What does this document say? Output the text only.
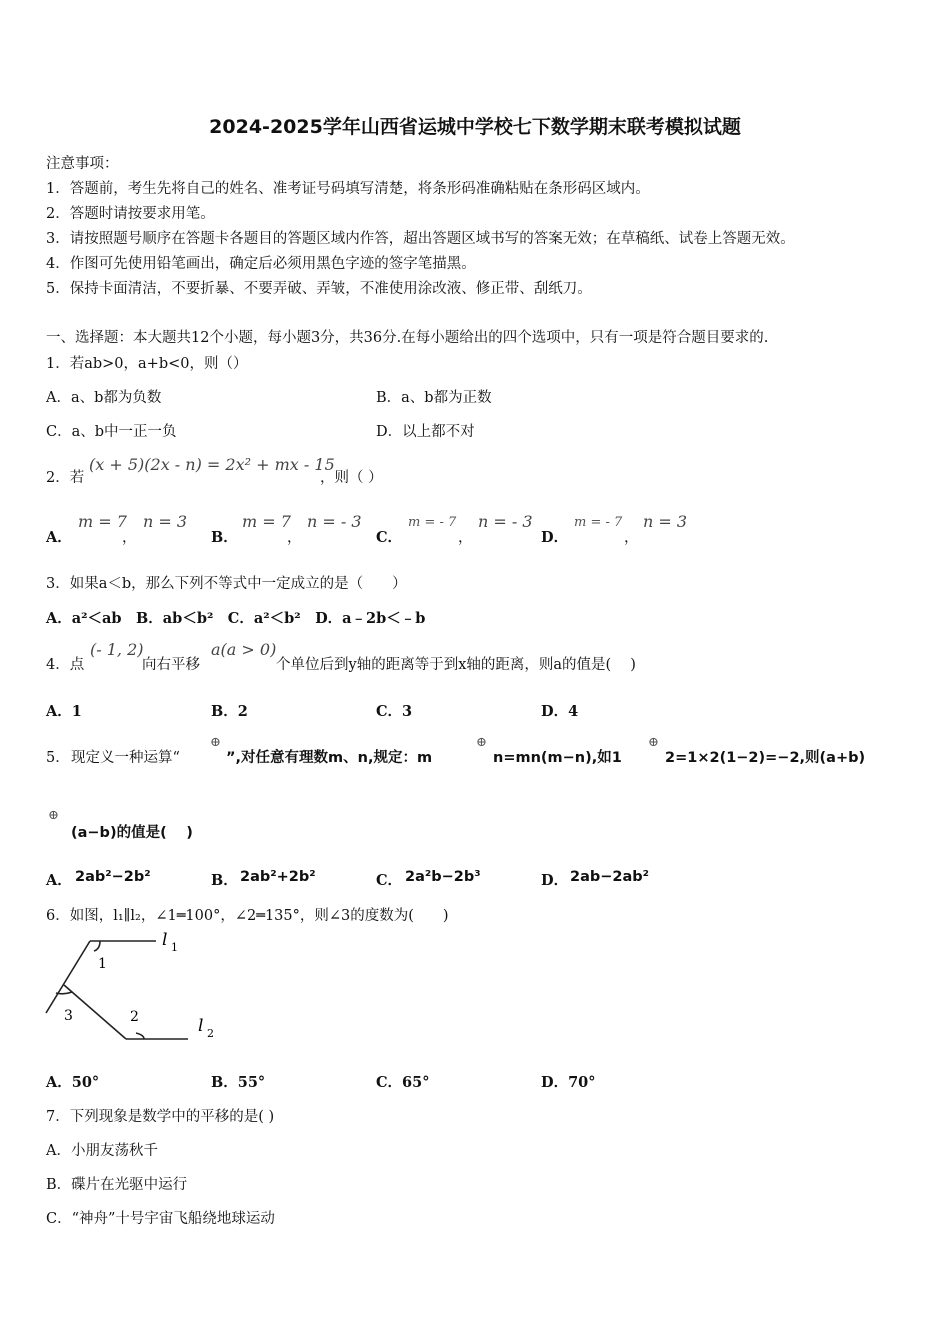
2024-2025学年山西省运城中学校七下数学期末联考模拟试题
注意事项：
1．答题前，考生先将自己的姓名、准考证号码填写清楚，将条形码准确粘贴在条形码区域内。
2．答题时请按要求用笔。
3．请按照题号顺序在答题卡各题目的答题区域内作答，超出答题区域书写的答案无效；在草稿纸、试卷上答题无效。
4．作图可先使用铅笔画出，确定后必须用黑色字迹的签字笔描黑。
5．保持卡面清洁，不要折暴、不要弄破、弄皱，不准使用涂改液、修正带、刮纸刀。
一、选择题：本大题共12个小题，每小题3分，共36分.在每小题给出的四个选项中，只有一项是符合题目要求的.
1．若ab>0，a+b<0，则（）
A．a、b都为负数	B．a、b都为正数
C．a、b中一正一负	D．以上都不对
2．若
(x + 5)(2x - n) = 2x² + mx - 15
，则（ ）
A．
m = 7
，
n = 3
B．
m = 7
，
n = - 3
C．
m = - 7
，
n = - 3
D．
m = - 7
，
n = 3
3．如果a＜b，那么下列不等式中一定成立的是（　　）
A．a²＜ab　B．ab＜b²　C．a²＜b²　D．a﹣2b＜﹣b
4．点
(- 1, 2)
向右平移
a(a > 0)
个单位后到y轴的距离等于到x轴的距离，则a的值是(　 )
A．1	B．2	C．3	D．4
5． 现定义一种运算“
⊕
”,对任意有理数m、n,规定：m
⊕
n=mn(m−n),如1
⊕
2=1×2(1−2)=−2,则(a+b)
⊕
(a−b)的值是(　 )
A． 2ab²−2b²	B． 2ab²+2b²	C． 2a²b−2b³	D． 2ab−2ab²
6．如图，l₁∥l₂，∠1═100°，∠2═135°，则∠3的度数为(　　)
l 1
l 2
1
3	2
A．50°	B．55°	C．65°	D．70°
7．下列现象是数学中的平移的是( )
A．小朋友荡秋千
B．碟片在光驱中运行
C．“神舟”十号宇宙飞船绕地球运动
